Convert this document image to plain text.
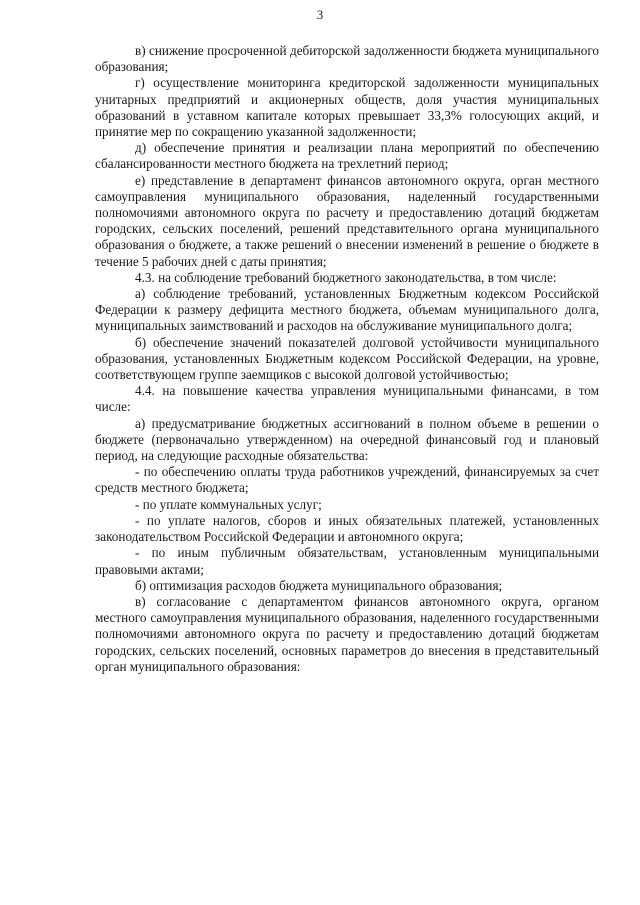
3

в) снижение просроченной дебиторской задолженности бюджета муниципального образования;

г) осуществление мониторинга кредиторской задолженности муниципальных унитарных предприятий и акционерных обществ, доля участия муниципальных образований в уставном капитале которых превышает 33,3% голосующих акций, и принятие мер по сокращению указанной задолженности;

д) обеспечение принятия и реализации плана мероприятий по обеспечению сбалансированности местного бюджета на трехлетний период;

е) представление в департамент финансов автономного округа, орган местного самоуправления муниципального образования, наделенный государственными полномочиями автономного округа по расчету и предоставлению дотаций бюджетам городских, сельских поселений, решений представительного органа муниципального образования о бюджете, а также решений о внесении изменений в решение о бюджете в течение 5 рабочих дней с даты принятия;

4.3. на соблюдение требований бюджетного законодательства, в том числе:

а) соблюдение требований, установленных Бюджетным кодексом Российской Федерации к размеру дефицита местного бюджета, объемам муниципального долга, муниципальных заимствований и расходов на обслуживание муниципального долга;

б) обеспечение значений показателей долговой устойчивости муниципального образования, установленных Бюджетным кодексом Российской Федерации, на уровне, соответствующем группе заемщиков с высокой долговой устойчивостью;

4.4. на повышение качества управления муниципальными финансами, в том числе:

а) предусматривание бюджетных ассигнований в полном объеме в решении о бюджете (первоначально утвержденном) на очередной финансовый год и плановый период, на следующие расходные обязательства:

- по обеспечению оплаты труда работников учреждений, финансируемых за счет средств местного бюджета;

- по уплате коммунальных услуг;

- по уплате налогов, сборов и иных обязательных платежей, установленных законодательством Российской Федерации и автономного округа;

- по иным публичным обязательствам, установленным муниципальными правовыми актами;

б) оптимизация расходов бюджета муниципального образования;

в) согласование с департаментом финансов автономного округа, органом местного самоуправления муниципального образования, наделенного государственными полномочиями автономного округа по расчету и предоставлению дотаций бюджетам городских, сельских поселений, основных параметров до внесения в представительный орган муниципального образования:
